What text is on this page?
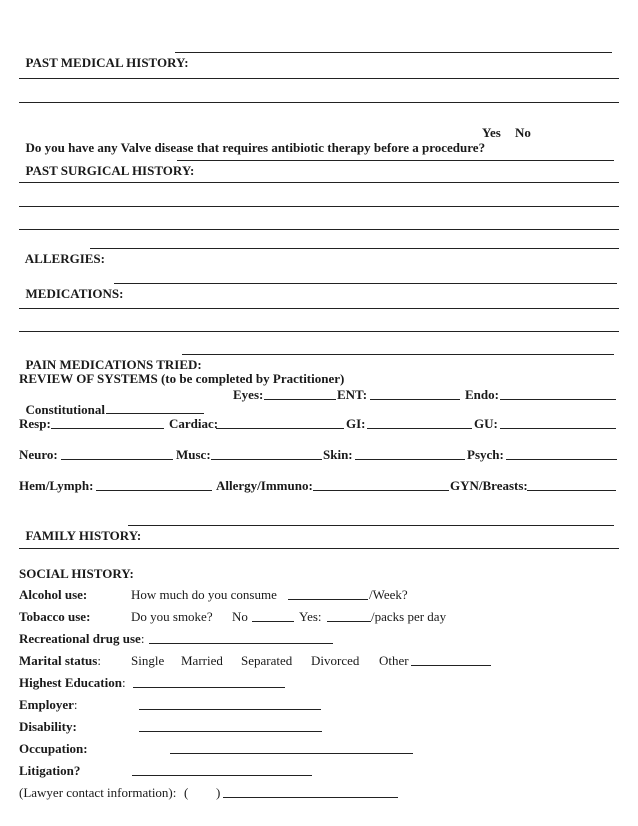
PAST MEDICAL HISTORY:

Do you have any Valve disease that requires antibiotic therapy before a procedure?

Yes No

PAST SURGICAL HISTORY:

ALLERGIES:

MEDICATIONS:

PAIN MEDICATIONS TRIED:

REVIEW OF SYSTEMS (to be completed by Practitioner)

Constitutional

Eyes:	ENT:	Endo:
Resp:	Cardiac:	GI:	GU:
Neuro:	Musc:	Skin:	Psych:
Hem/Lymph:	Allergy/Immuno:	GYN/Breasts:

FAMILY HISTORY:

SOCIAL HISTORY:
Alcohol use:	How much do you consume	/Week?
Tobacco use:	Do you smoke? No	Yes:	/packs per day
Recreational drug use:
Marital status: Single Married Separated Divorced Other
Highest Education:
Employer:
Disability:
Occupation:
Litigation?
(Lawyer contact information): ( )
